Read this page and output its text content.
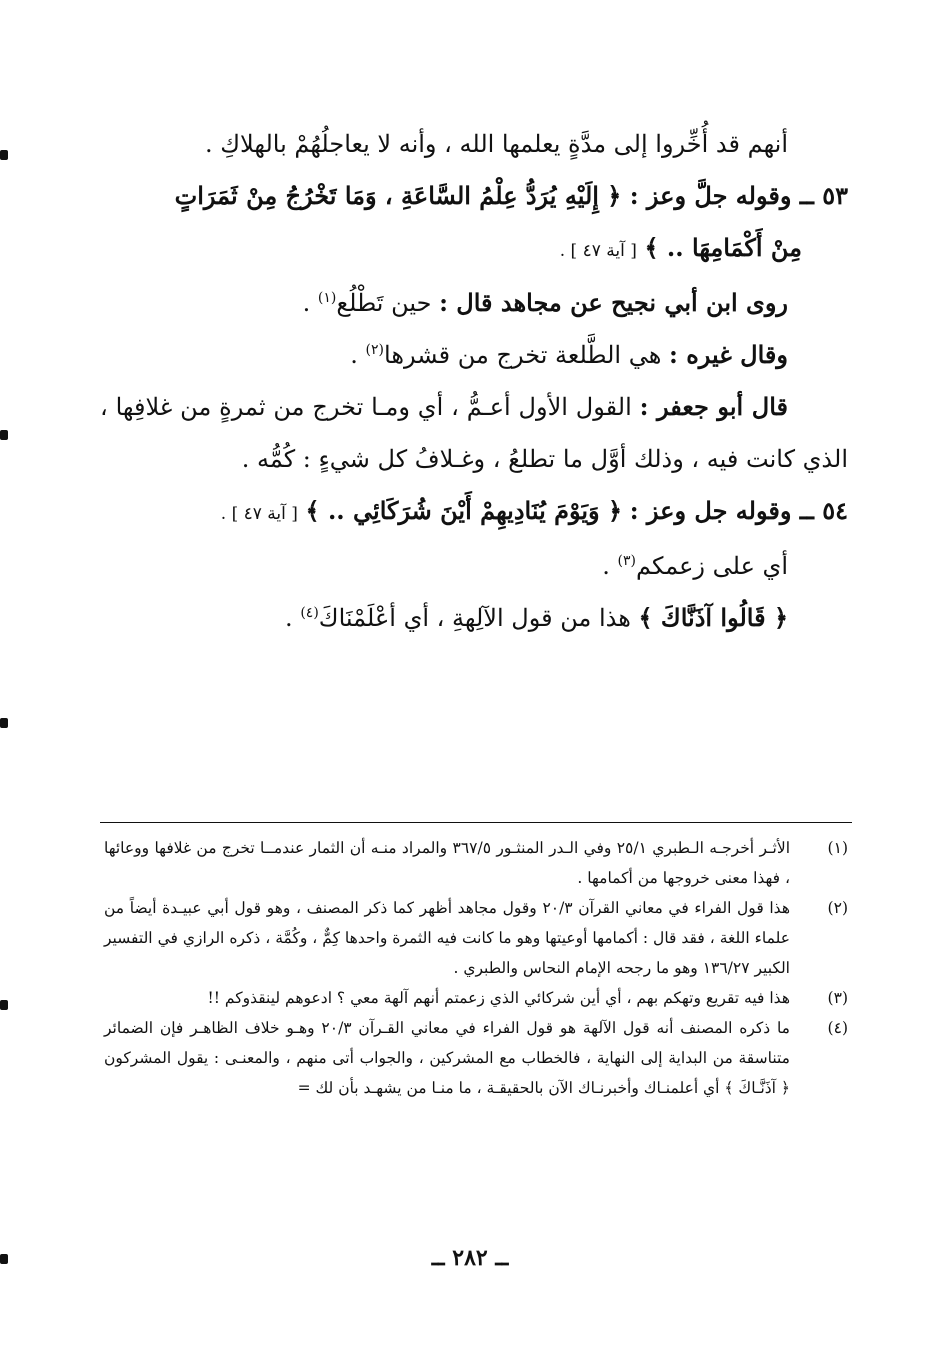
أنهم قد أُخِّروا إلى مدَّةٍ يعلمها الله ، وأنه لا يعاجلُهُمْ بالهلاكِ .
٥٣ ــ وقوله جلَّ وعز : ﴿ إِلَيْهِ يُرَدُّ عِلْمُ السَّاعَةِ ، وَمَا تَخْرُجُ مِنْ ثَمَرَاتٍ
مِنْ أَكْمَامِهَا .. ﴾ [ آية ٤٧ ] .
روى ابن أبي نجيح عن مجاهد قال : حين تَطْلُع$^{(١)}$ .
وقال غيره : هي الطَّلعة تخرج من قشرها$^{(٢)}$ .
قال أبو جعفر : القول الأول أعـمُّ ، أي ومـا تخرج من ثمرةٍ من غلافِها ، الذي كانت فيه ، وذلك أوَّل ما تطلعُ ، وغـلافُ كل شيءٍ : كُمُّه .
٥٤ ــ وقوله جل وعز : ﴿ وَيَوْمَ يُنَادِيهِمْ أَيْنَ شُرَكَائِي .. ﴾ [ آية ٤٧ ] .
أي على زعمكم$^{(٣)}$ .
﴿ قَالُوا آذَنَّاكَ ﴾ هذا من قول الآلِهةِ ، أي أعْلَمْنَاكَ$^{(٤)}$ .
(١)
الأثـر أخرجـه الـطبري ٢٥/١ وفي الـدر المنثـور ٣٦٧/٥ والمراد منـه أن الثمار عندمــا تخرج من غلافها ووعائها ، فهذا معنى خروجها من أكمامها .
(٢)
هذا قول الفراء في معاني القرآن ٢٠/٣ وقول مجاهد أظهر كما ذكر المصنف ، وهو قول أبي عبيـدة أيضاً من علماء اللغة ، فقد قال : أكمامها أوعيتها وهو ما كانت فيه الثمرة واحدها كِمٌّ ، وكُمَّة ، ذكره الرازي في التفسير الكبير ١٣٦/٢٧ وهو ما رجحه الإمام النحاس والطبري .
(٣)
هذا فيه تقريع وتهكم بهم ، أي أين شركائي الذي زعمتم أنهم آلهة معي ؟ ادعوهم لينقذوكم !!
(٤)
ما ذكره المصنف أنه قول الآلهة هو قول الفراء في معاني القـرآن ٢٠/٣ وهـو خلاف الظاهـر فإن الضمائر متناسقة من البداية إلى النهاية ، فالخطاب مع المشركين ، والجواب أتى منهم ، والمعنـى : يقول المشركون ﴿ آذَنَّـاكَ ﴾ أي أعلمنـاك وأخبرنـاك الآن بالحقيقـة ، ما منـا من يشهـد بأن لك =
ــ ٢٨٢ ــ
